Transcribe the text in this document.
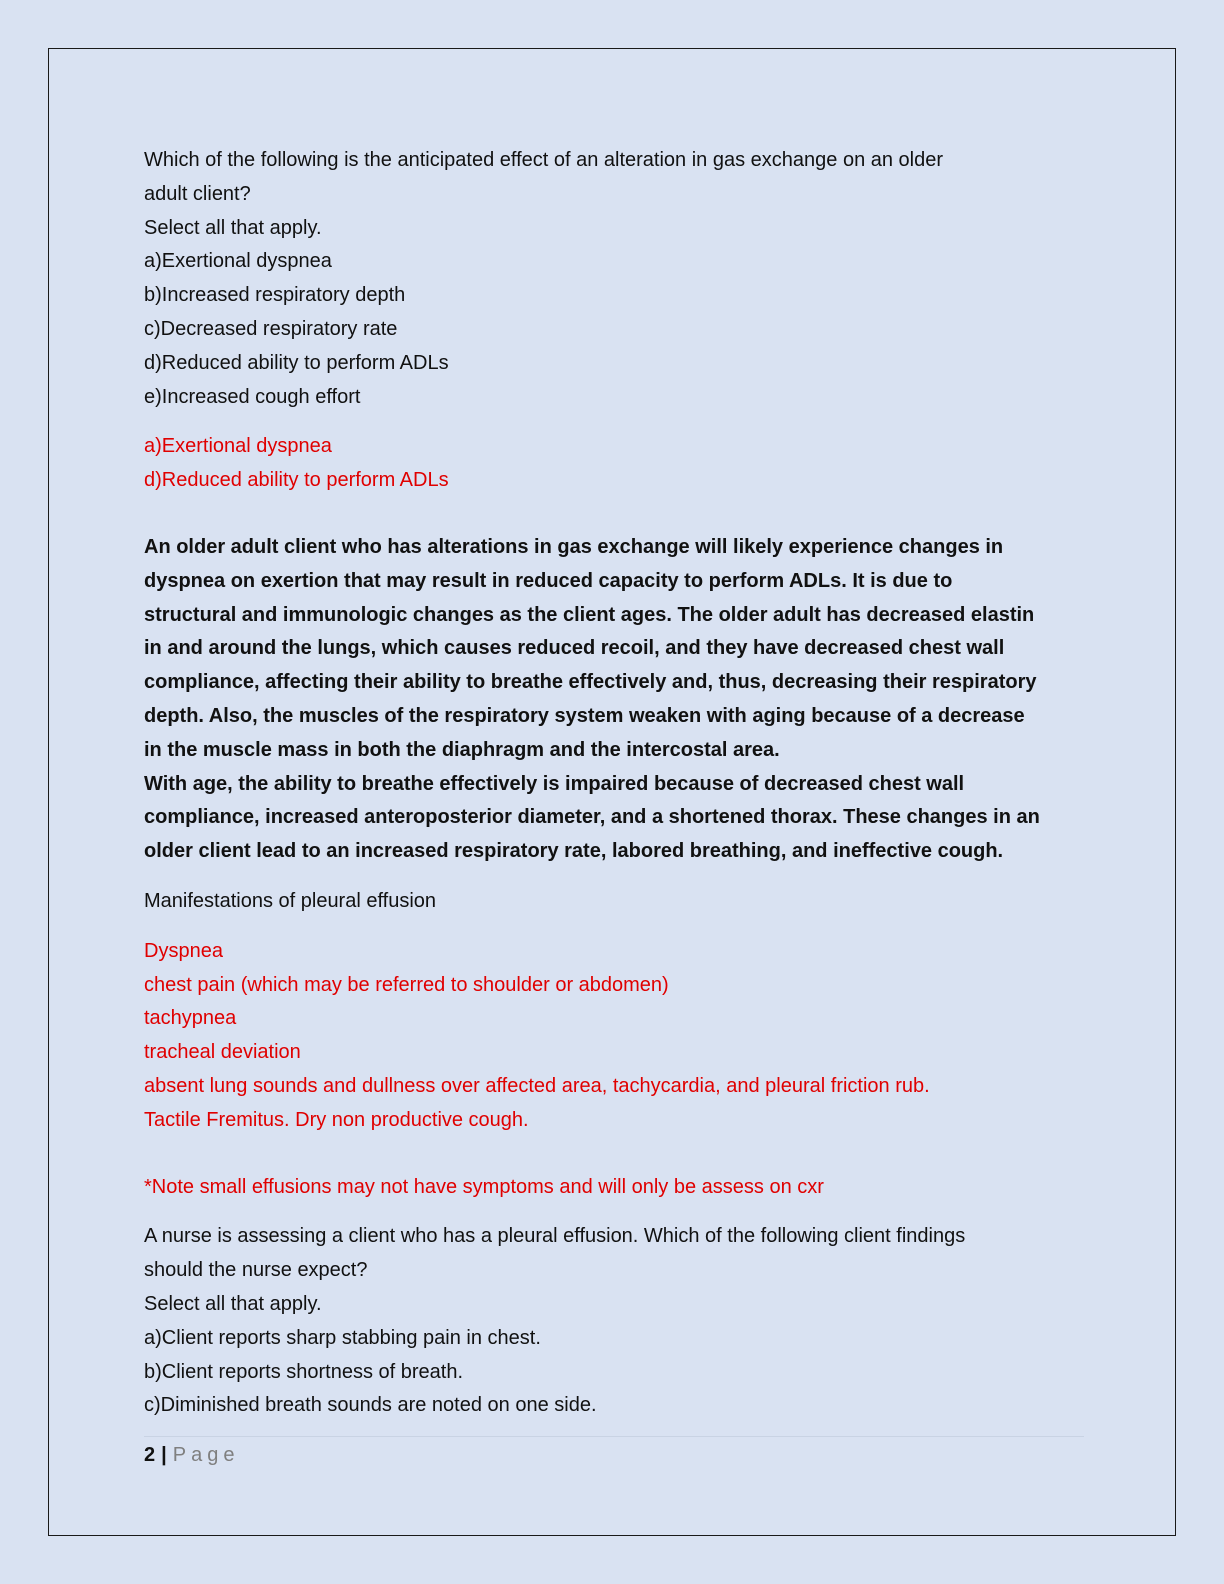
Which of the following is the anticipated effect of an alteration in gas exchange on an older
adult client?
Select all that apply.
a)Exertional dyspnea
b)Increased respiratory depth
c)Decreased respiratory rate
d)Reduced ability to perform ADLs
e)Increased cough effort
a)Exertional dyspnea
d)Reduced ability to perform ADLs
An older adult client who has alterations in gas exchange will likely experience changes in
dyspnea on exertion that may result in reduced capacity to perform ADLs. It is due to
structural and immunologic changes as the client ages. The older adult has decreased elastin
in and around the lungs, which causes reduced recoil, and they have decreased chest wall
compliance, affecting their ability to breathe effectively and, thus, decreasing their respiratory
depth. Also, the muscles of the respiratory system weaken with aging because of a decrease
in the muscle mass in both the diaphragm and the intercostal area.
With age, the ability to breathe effectively is impaired because of decreased chest wall
compliance, increased anteroposterior diameter, and a shortened thorax. These changes in an
older client lead to an increased respiratory rate, labored breathing, and ineffective cough.
Manifestations of pleural effusion
Dyspnea
chest pain (which may be referred to shoulder or abdomen)
tachypnea
tracheal deviation
absent lung sounds and dullness over affected area, tachycardia, and pleural friction rub.
Tactile Fremitus. Dry non productive cough.
*Note small effusions may not have symptoms and will only be assess on cxr
A nurse is assessing a client who has a pleural effusion. Which of the following client findings
should the nurse expect?
Select all that apply.
a)Client reports sharp stabbing pain in chest.
b)Client reports shortness of breath.
c)Diminished breath sounds are noted on one side.
2 | Page
